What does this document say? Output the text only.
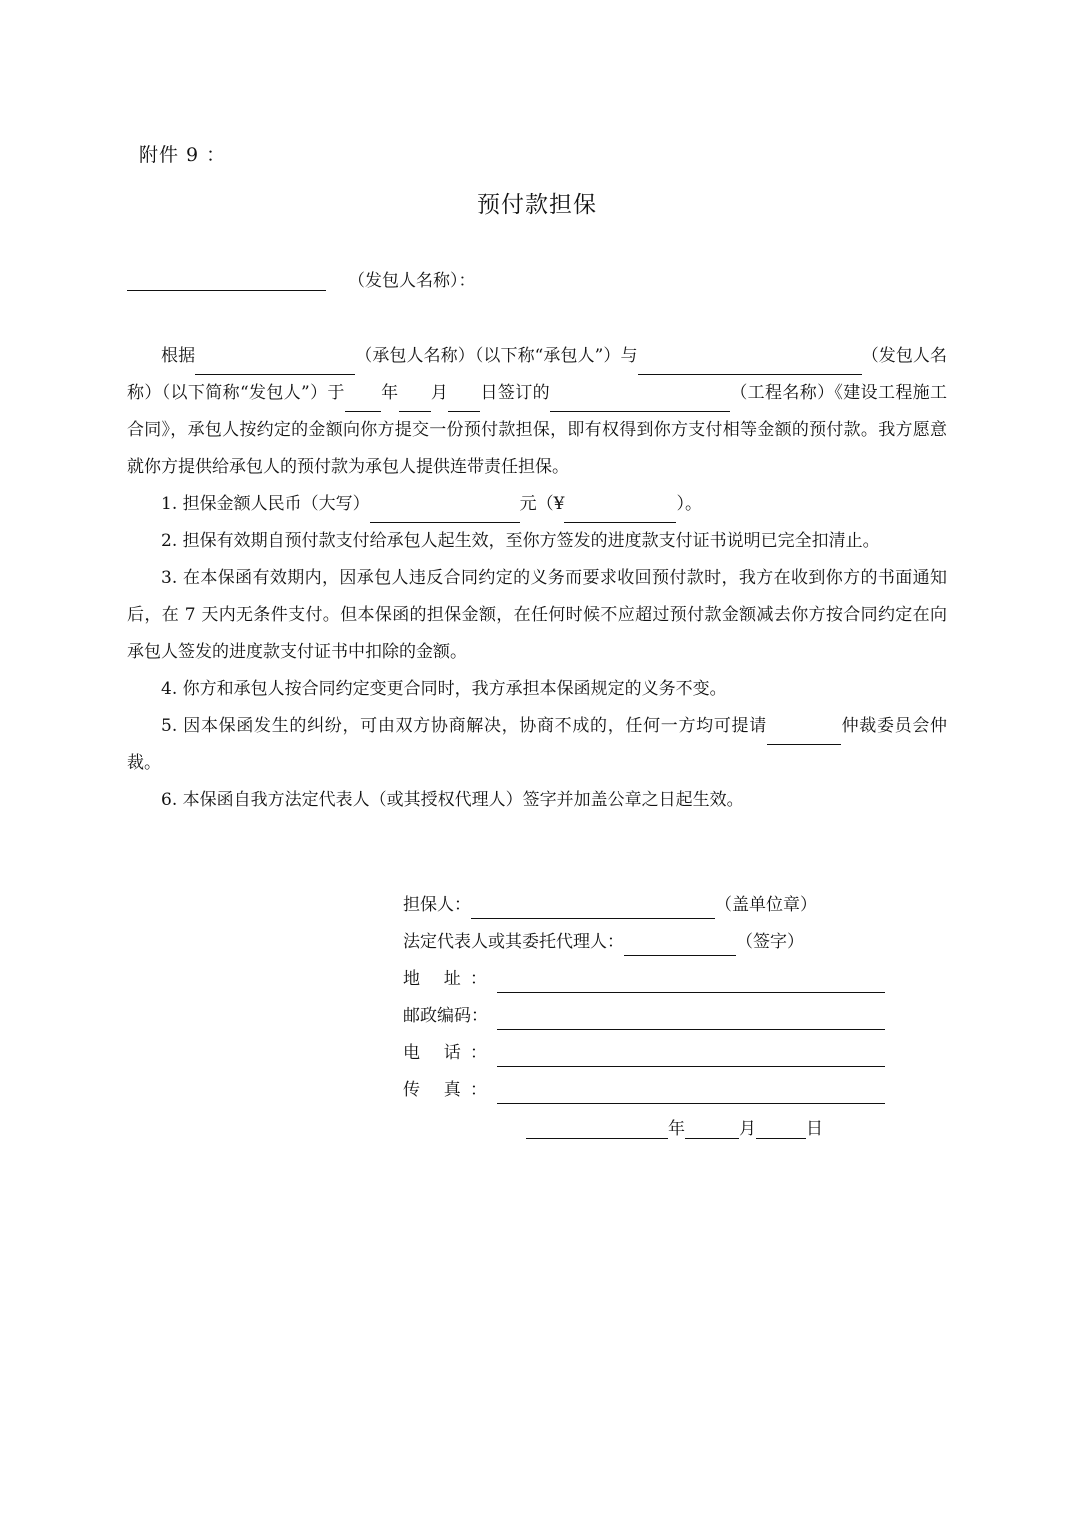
附件 9 ：
预付款担保
（发包人名称）：

根据	（承包人名称）（以下称“承包人”）与	（发包人名称）（以下简称“发包人”）于 年 月 日签订的	（工程名称）《建设工程施工合同》，承包人按约定的金额向你方提交一份预付款担保，即有权得到你方支付相等金额的预付款。我方愿意就你方提供给承包人的预付款为承包人提供连带责任担保。

1. 担保金额人民币（大写）	元（¥	）。

2. 担保有效期自预付款支付给承包人起生效，至你方签发的进度款支付证书说明已完全扣清止。

3. 在本保函有效期内，因承包人违反合同约定的义务而要求收回预付款时，我方在收到你方的书面通知后，在 7 天内无条件支付。但本保函的担保金额，在任何时候不应超过预付款金额减去你方按合同约定在向承包人签发的进度款支付证书中扣除的金额。

4. 你方和承包人按合同约定变更合同时，我方承担本保函规定的义务不变。

5. 因本保函发生的纠纷，可由双方协商解决，协商不成的，任何一方均可提请	仲裁委员会仲裁。

6. 本保函自我方法定代表人（或其授权代理人）签字并加盖公章之日起生效。

担保人：	（盖单位章）
法定代表人或其委托代理人：	（签字）
地 址：
邮政编码：
电 话：
传 真：
年	月	日
